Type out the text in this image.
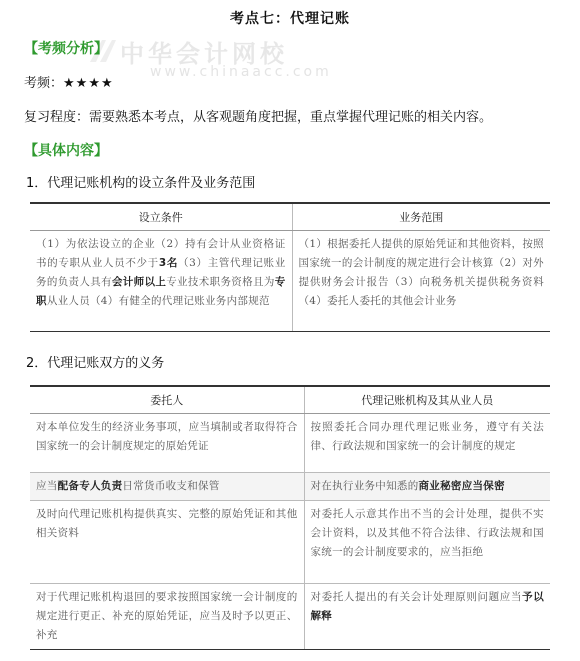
中华会计网校
www.chinaacc.com
考点七：代理记账
【考频分析】
考频：★★★★
复习程度：需要熟悉本考点，从客观题角度把握，重点掌握代理记账的相关内容。
【具体内容】
1．代理记账机构的设立条件及业务范围
设立条件	业务范围
（1）为依法设立的企业（2）持有会计从业资格证书的专职从业人员不少于3名（3）主管代理记账业务的负责人具有会计师以上专业技术职务资格且为专职从业人员（4）有健全的代理记账业务内部规范	（1）根据委托人提供的原始凭证和其他资料，按照国家统一的会计制度的规定进行会计核算（2）对外提供财务会计报告（3）向税务机关提供税务资料（4）委托人委托的其他会计业务
2．代理记账双方的义务
委托人	代理记账机构及其从业人员
对本单位发生的经济业务事项，应当填制或者取得符合国家统一的会计制度规定的原始凭证	按照委托合同办理代理记账业务，遵守有关法律、行政法规和国家统一的会计制度的规定
应当配备专人负责日常货币收支和保管	对在执行业务中知悉的商业秘密应当保密
及时向代理记账机构提供真实、完整的原始凭证和其他相关资料	对委托人示意其作出不当的会计处理，提供不实会计资料，以及其他不符合法律、行政法规和国家统一的会计制度要求的，应当拒绝
对于代理记账机构退回的要求按照国家统一会计制度的规定进行更正、补充的原始凭证，应当及时予以更正、补充	对委托人提出的有关会计处理原则问题应当予以解释
